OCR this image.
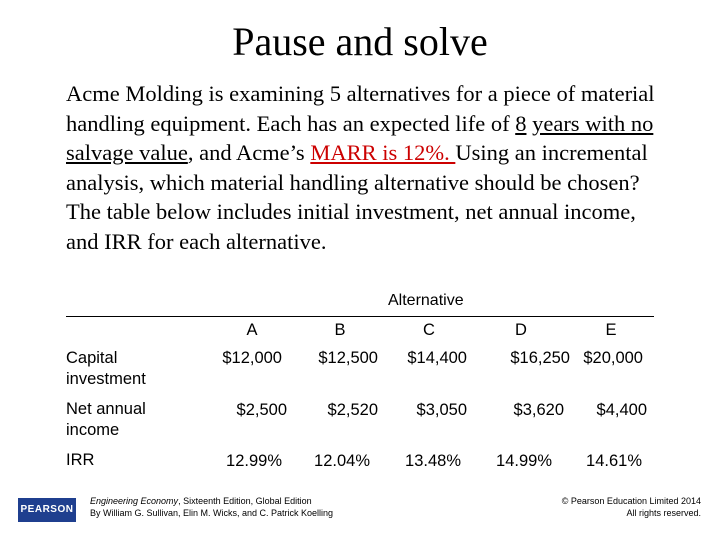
Pause and solve
Acme Molding is examining 5 alternatives for a piece of material handling equipment. Each has an expected life of 8 years with no salvage value, and Acme’s MARR is 12%. Using an incremental analysis, which material handling alternative should be chosen? The table below includes initial investment, net annual income, and IRR for each alternative.
Alternative
A	B	C	D	E
Capital investment
$12,000 $12,500 $14,400	$16,250 $20,000
Net annual income
$2,500 $2,520 $3,050	$3,620 $4,400
IRR	12.99% 12.04% 13.48% 14.99% 14.61%
PEARSON
Engineering Economy, Sixteenth Edition, Global Edition
By William G. Sullivan, Elin M. Wicks, and C. Patrick Koelling
© Pearson Education Limited 2014
All rights reserved.
